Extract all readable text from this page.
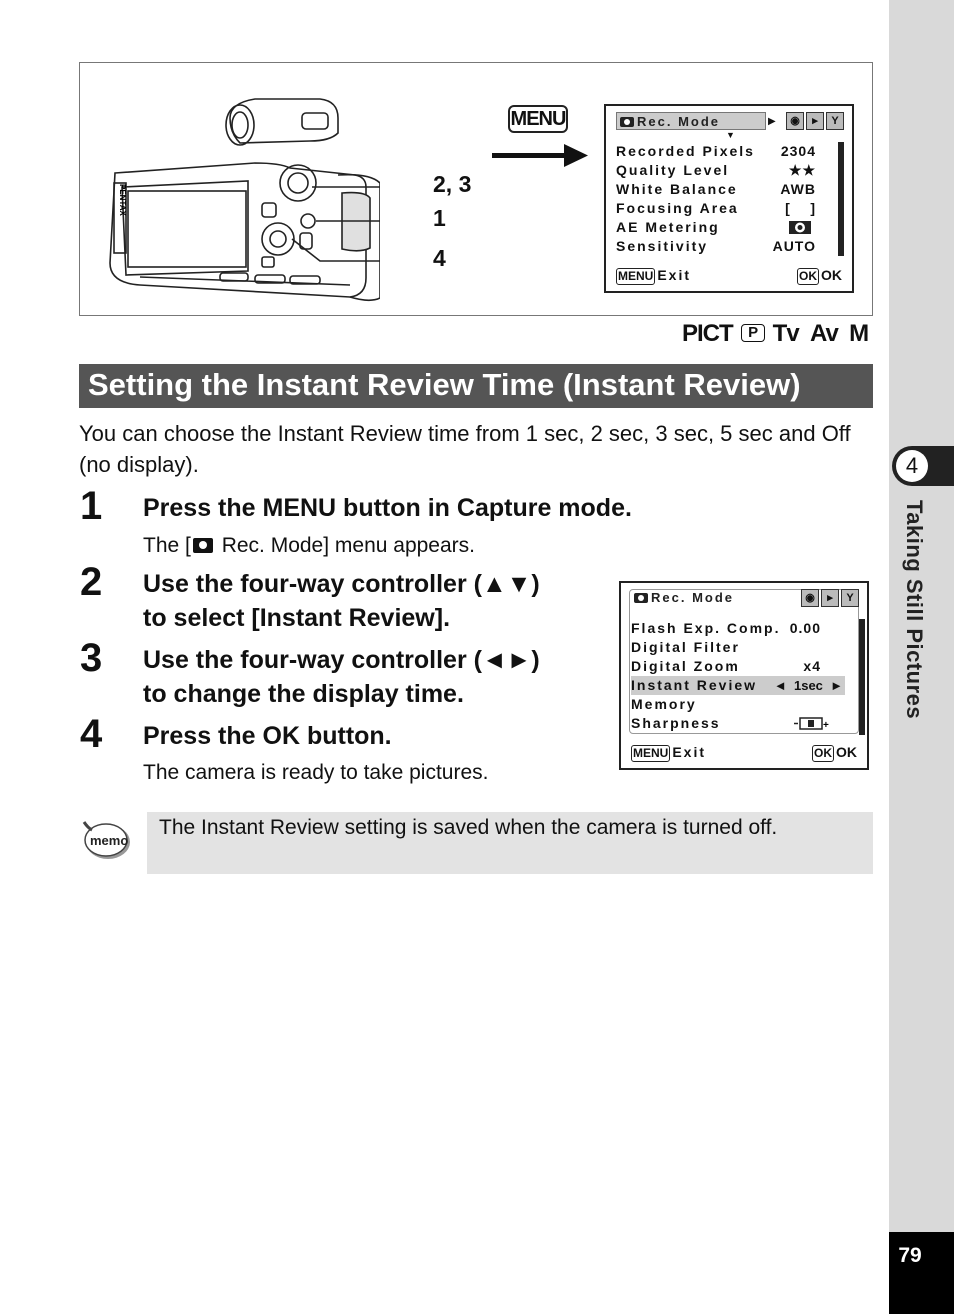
4
Taking Still Pictures
79
PENTAX	2, 3
1
4
MENU	Rec. Mode	▶	◉	▸	Y
▼
Recorded Pixels 2304
Quality Level	★★
White Balance	AWB
Focusing Area	[    ]
AE Metering
Sensitivity	AUTO
MENU Exit	OK OK
PICT P Tv Av M
Setting the Instant Review Time (Instant Review)
You can choose the Instant Review time from 1 sec, 2 sec, 3 sec, 5 sec and Off (no display).
1 Press the MENU button in Capture mode.
The [ Rec. Mode] menu appears.
2 Use the four-way controller (▲▼)
to select [Instant Review].
3 Use the four-way controller (◄►)
to change the display time.
4 Press the OK button.
The camera is ready to take pictures.
Rec. Mode	◉	▸	Y
Flash Exp. Comp. 0.00
Digital Filter
Digital Zoom	x4
Instant Review ◄  1sec  ►
Memory
Sharpness	+
MENU Exit	OK OK
memo
The Instant Review setting is saved when the camera is turned off.
